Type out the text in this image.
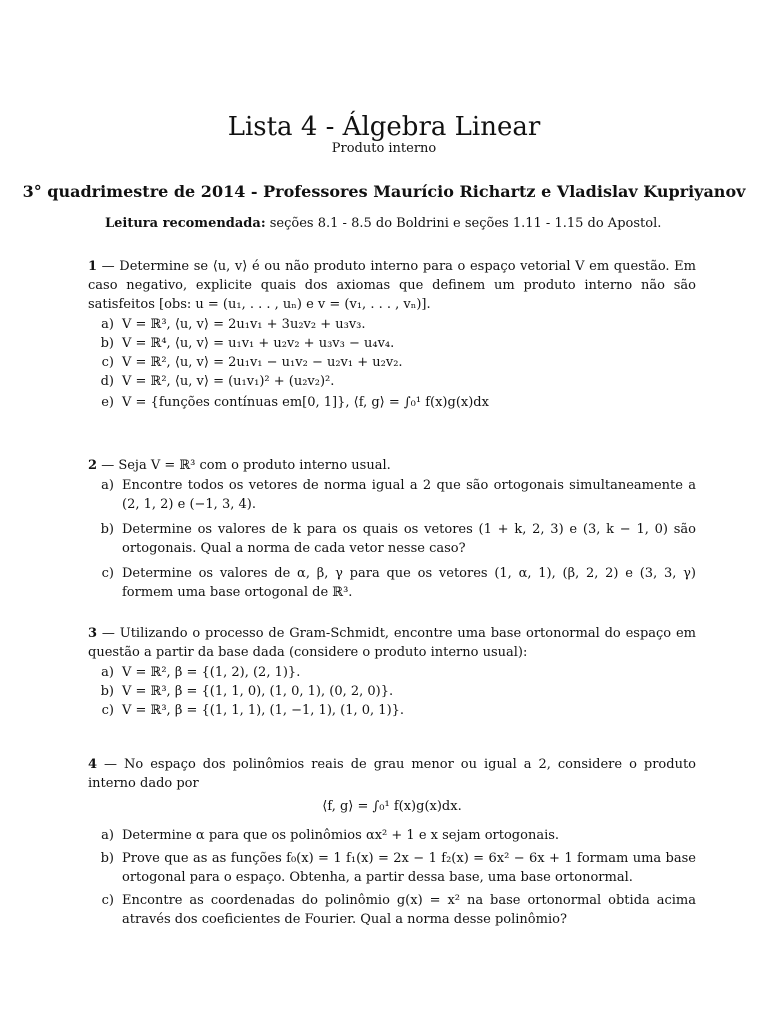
Lista 4 - Álgebra Linear
Produto interno
3° quadrimestre de 2014 - Professores Maurício Richartz e Vladislav Kupriyanov
Leitura recomendada: seções 8.1 - 8.5 do Boldrini e seções 1.11 - 1.15 do Apostol.
1 — Determine se ⟨u, v⟩ é ou não produto interno para o espaço vetorial V em questão. Em caso negativo, explicite quais dos axiomas que definem um produto interno não são satisfeitos [obs: u = (u₁, . . . , uₙ) e v = (v₁, . . . , vₙ)].
a) V = ℝ³, ⟨u, v⟩ = 2u₁v₁ + 3u₂v₂ + u₃v₃.
b) V = ℝ⁴, ⟨u, v⟩ = u₁v₁ + u₂v₂ + u₃v₃ − u₄v₄.
c) V = ℝ², ⟨u, v⟩ = 2u₁v₁ − u₁v₂ − u₂v₁ + u₂v₂.
d) V = ℝ², ⟨u, v⟩ = (u₁v₁)² + (u₂v₂)².
e) V = {funções contínuas em[0, 1]}, ⟨f, g⟩ = ∫₀¹ f(x)g(x)dx
2 — Seja V = ℝ³ com o produto interno usual.
a) Encontre todos os vetores de norma igual a 2 que são ortogonais simultaneamente a (2, 1, 2) e (−1, 3, 4).
b) Determine os valores de k para os quais os vetores (1 + k, 2, 3) e (3, k − 1, 0) são ortogonais. Qual a norma de cada vetor nesse caso?
c) Determine os valores de α, β, γ para que os vetores (1, α, 1), (β, 2, 2) e (3, 3, γ) formem uma base ortogonal de ℝ³.
3 — Utilizando o processo de Gram-Schmidt, encontre uma base ortonormal do espaço em questão a partir da base dada (considere o produto interno usual):
a) V = ℝ², β = {(1, 2), (2, 1)}.
b) V = ℝ³, β = {(1, 1, 0), (1, 0, 1), (0, 2, 0)}.
c) V = ℝ³, β = {(1, 1, 1), (1, −1, 1), (1, 0, 1)}.
4 — No espaço dos polinômios reais de grau menor ou igual a 2, considere o produto interno dado por
⟨f, g⟩ = ∫₀¹ f(x)g(x)dx.
a) Determine α para que os polinômios αx² + 1 e x sejam ortogonais.
b) Prove que as as funções f₀(x) = 1 f₁(x) = 2x − 1 f₂(x) = 6x² − 6x + 1 formam uma base ortogonal para o espaço. Obtenha, a partir dessa base, uma base ortonormal.
c) Encontre as coordenadas do polinômio g(x) = x² na base ortonormal obtida acima através dos coeficientes de Fourier. Qual a norma desse polinômio?
